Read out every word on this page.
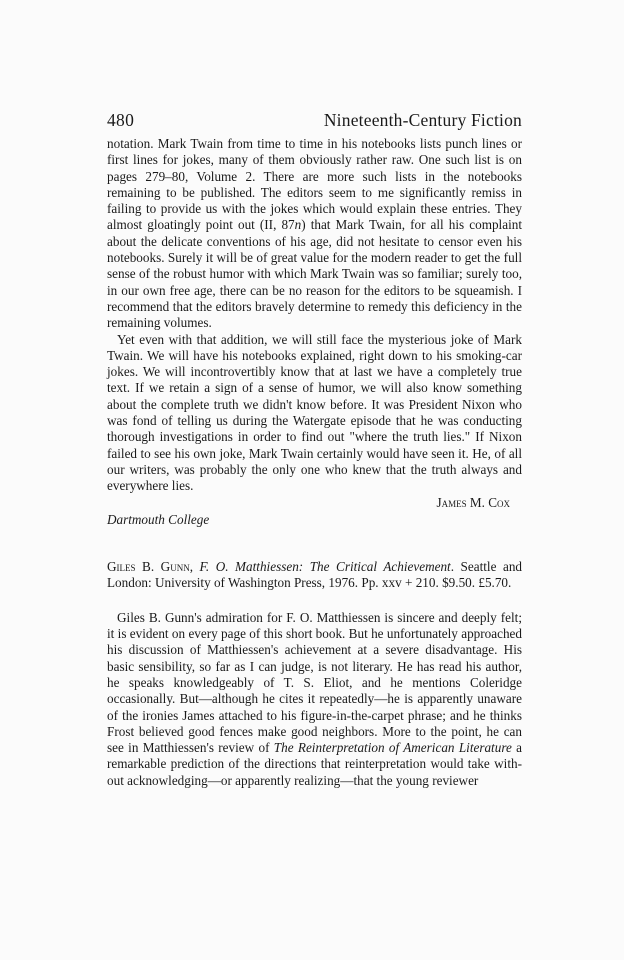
480	Nineteenth-Century Fiction

notation. Mark Twain from time to time in his notebooks lists punch lines or first lines for jokes, many of them obviously rather raw. One such list is on pages 279–80, Volume 2. There are more such lists in the notebooks remaining to be published. The editors seem to me significantly remiss in failing to provide us with the jokes which would explain these entries. They almost gloatingly point out (II, 87n) that Mark Twain, for all his complaint about the delicate conventions of his age, did not hesitate to censor even his notebooks. Surely it will be of great value for the modern reader to get the full sense of the robust humor with which Mark Twain was so familiar; surely too, in our own free age, there can be no reason for the editors to be squeamish. I recommend that the editors bravely determine to remedy this deficiency in the remaining volumes.

Yet even with that addition, we will still face the mysterious joke of Mark Twain. We will have his notebooks explained, right down to his smoking-car jokes. We will incontrovertibly know that at last we have a completely true text. If we retain a sign of a sense of humor, we will also know something about the complete truth we didn't know before. It was President Nixon who was fond of telling us during the Watergate episode that he was conducting thorough investigations in order to find out "where the truth lies." If Nixon failed to see his own joke, Mark Twain certainly would have seen it. He, of all our writers, was probably the only one who knew that the truth always and everywhere lies.

James M. Cox
Dartmouth College

Giles B. Gunn, F. O. Matthiessen: The Critical Achievement. Seattle and London: University of Washington Press, 1976. Pp. xxv + 210. $9.50. £5.70.

Giles B. Gunn's admiration for F. O. Matthiessen is sincere and deeply felt; it is evident on every page of this short book. But he unfortunately approached his discussion of Matthiessen's achievement at a severe disadvantage. His basic sensibility, so far as I can judge, is not literary. He has read his author, he speaks knowledgeably of T. S. Eliot, and he mentions Coleridge occasionally. But—although he cites it repeatedly—he is apparently unaware of the ironies James attached to his figure-in-the-carpet phrase; and he thinks Frost believed good fences make good neighbors. More to the point, he can see in Matthiessen's review of The Reinterpretation of American Literature a remarkable prediction of the directions that reinterpretation would take without acknowledging—or apparently realizing—that the young reviewer
